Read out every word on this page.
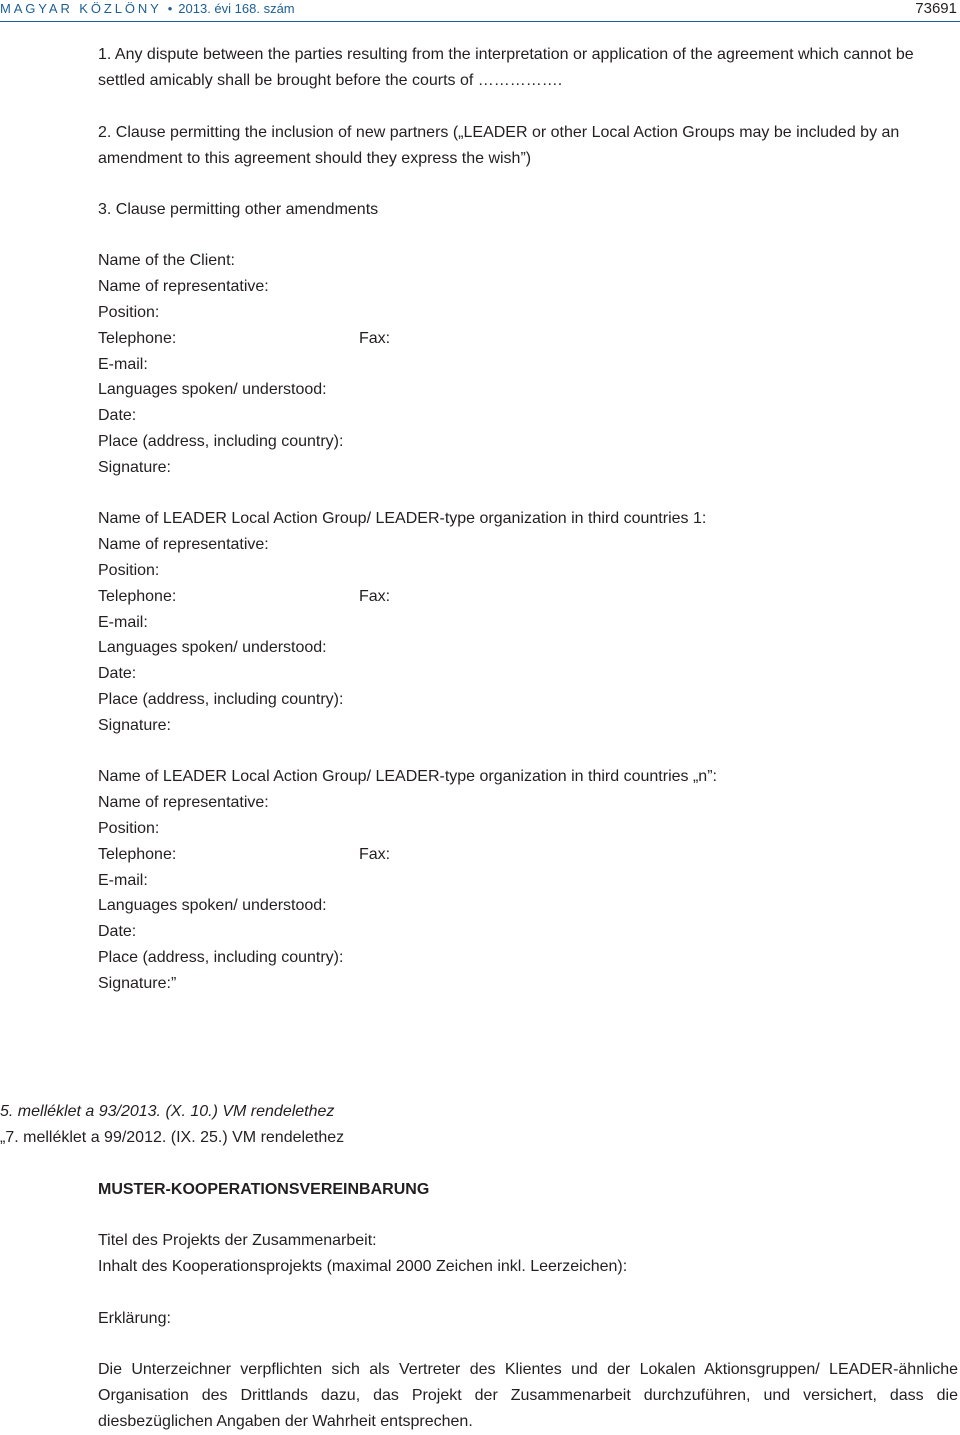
MAGYAR KÖZLÖNY • 2013. évi 168. szám	73691
1. Any dispute between the parties resulting from the interpretation or application of the agreement which cannot be settled amicably shall be brought before the courts of …………….
2. Clause permitting the inclusion of new partners („LEADER or other Local Action Groups may be included by an amendment to this agreement should they express the wish”)
3. Clause permitting other amendments
Name of the Client:
Name of representative:
Position:
Telephone:	Fax:
E-mail:
Languages spoken/ understood:
Date:
Place (address, including country):
Signature:
Name of LEADER Local Action Group/ LEADER-type organization in third countries 1:
Name of representative:
Position:
Telephone:	Fax:
E-mail:
Languages spoken/ understood:
Date:
Place (address, including country):
Signature:
Name of LEADER Local Action Group/ LEADER-type organization in third countries „n”:
Name of representative:
Position:
Telephone:	Fax:
E-mail:
Languages spoken/ understood:
Date:
Place (address, including country):
Signature:”
5. melléklet a 93/2013. (X. 10.) VM rendelethez
„7. melléklet a 99/2012. (IX. 25.) VM rendelethez
MUSTER-KOOPERATIONSVEREINBARUNG
Titel des Projekts der Zusammenarbeit:
Inhalt des Kooperationsprojekts (maximal 2000 Zeichen inkl. Leerzeichen):
Erklärung:
Die Unterzeichner verpflichten sich als Vertreter des Klientes und der Lokalen Aktionsgruppen/ LEADER-ähnliche Organisation des Drittlands dazu, das Projekt der Zusammenarbeit durchzuführen, und versichert, dass die diesbezüglichen Angaben der Wahrheit entsprechen.
